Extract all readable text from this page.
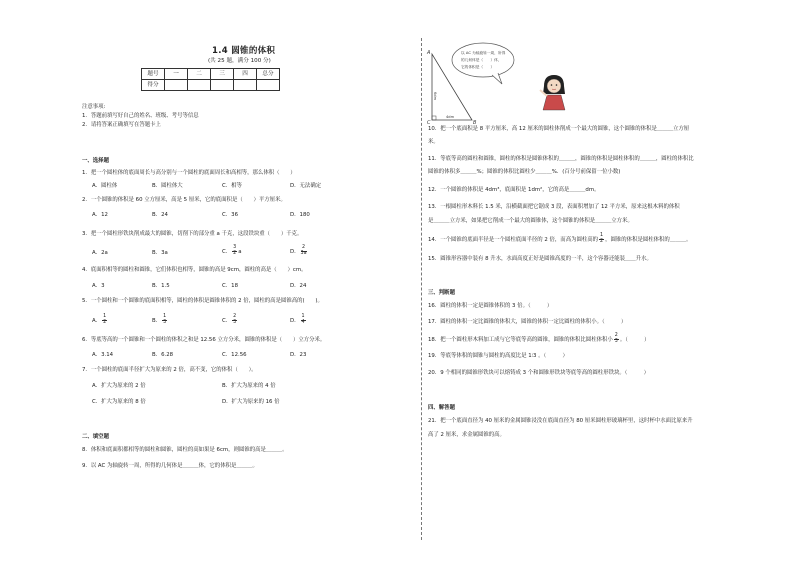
1.4 圆锥的体积
(共 25 题，满分 100 分)
题号	一	二	三	四	总分
得分					
注意事项:
1．答题前填写好自己的姓名、班级、考号等信息
2．请将答案正确填写在答题卡上
一、选择题
1．把一个圆柱体的底面周长与高分别与一个圆柱的底面周长和高相等，那么体积（　　）
A．圆柱体	B．圆柱体大	C．相等	D．无法确定
2．一个圆锥的体积是 60 立方厘米，高是 5 厘米，它的底面积是（　　）平方厘米。
A．12	B．24	C．36	D．180
3．把一个圆柱形铁块削成最大的圆锥，切削下的部分重 a 千克，这段铁块重（　　）千克。
A．2a	B．3a	C． $\frac{3}{2}$ a	D． $\frac{2}{3a}$
4．底面积相等的圆柱和圆锥，它们体积也相等，圆锥的高是 9cm，圆柱的高是（　　）cm。
A．3	B．1.5	C．18	D．24
5．一个圆柱和一个圆锥的底面积相等，圆柱的体积是圆锥体积的 2 倍，圆柱的高是圆锥高的(　　)。
A． $\frac{1}{2}$	B． $\frac{1}{3}$	C． $\frac{2}{3}$	D． $\frac{1}{4}$
6．等底等高的一个圆锥和一个圆柱的体积之和是 12.56 立方分米，圆锥的体积是（　　）立方分米。
A．3.14	B．6.28	C．12.56	D．23
7．一个圆柱的底面半径扩大为原来的 2 倍，高不变，它的体积（　　）。
A．扩大为原来的 2 倍	B．扩大为原来的 4 倍
C．扩大为原来的 8 倍	D．扩大为原来的 16 倍
二、填空题
8．体积和底面积都相等的圆柱和圆锥，圆柱的高如果是 6cm，则圆锥的高是＿＿＿。
9．以 AC 为轴旋转一周，所得的几何体是＿＿＿体，它的体积是＿＿＿。
A
C	B
6dm
4dm
以 AC 为轴旋转一周，所得
的几何体是（　　）体，
它的体积是（　　）
10．把一个底面积是 8 平方厘米，高 12 厘米的圆柱体削成一个最大的圆锥，这个圆锥的体积是＿＿＿立方厘
米。
11．等底等高的圆柱和圆锥，圆柱的体积是圆锥体积的＿＿＿，圆锥的体积是圆柱体积的＿＿＿，圆柱的体积比
圆锥的体积多＿＿＿%；圆锥的体积比圆柱少＿＿＿%．(百分号前保留一位小数)
12．一个圆锥的体积是 4dm³，底面积是 1dm²，它的高是＿＿＿dm。
13．一根圆柱形木料长 1.5 米，沿横截面把它锯成 3 段，表面积增加了 12 平方米，原来这根木料的体积
是＿＿＿立方米，如果把它削成一个最大的圆锥体，这个圆锥的体积是＿＿＿立方米。
14．一个圆锥的底面半径是一个圆柱底面半径的 2 倍，而高为圆柱高的 $\frac{1}{2}$ ，圆锥的体积是圆柱体积的＿＿＿。
15．圆锥形容器中装有 8 升水，水面高度正好是圆锥高度的一半，这个容器还能装＿＿升水。
三、判断题
16．圆柱的体积一定是圆锥体积的 3 倍。（　　　）
17．圆柱的体积一定比圆锥的体积大，圆锥的体积一定比圆柱的体积小。（　　　）
18．把一个圆柱形木料加工成与它等底等高的圆锥，圆锥的体积比圆柱体积小 $\frac{2}{3}$ 。（　　　）
19．等底等体积的圆锥与圆柱的高度比是 1∶3 。（　　　）
20．9 个相同的圆锥形铁块可以熔铸成 3 个和圆锥形铁块等底等高的圆柱形铁块。（　　　）
四、解答题
21．把一个底面直径为 40 厘米的金属圆锥浸没在底面直径为 80 厘米圆柱形玻璃杯里，这时杯中水面比原来升
高了 2 厘米，求金属圆锥的高。
